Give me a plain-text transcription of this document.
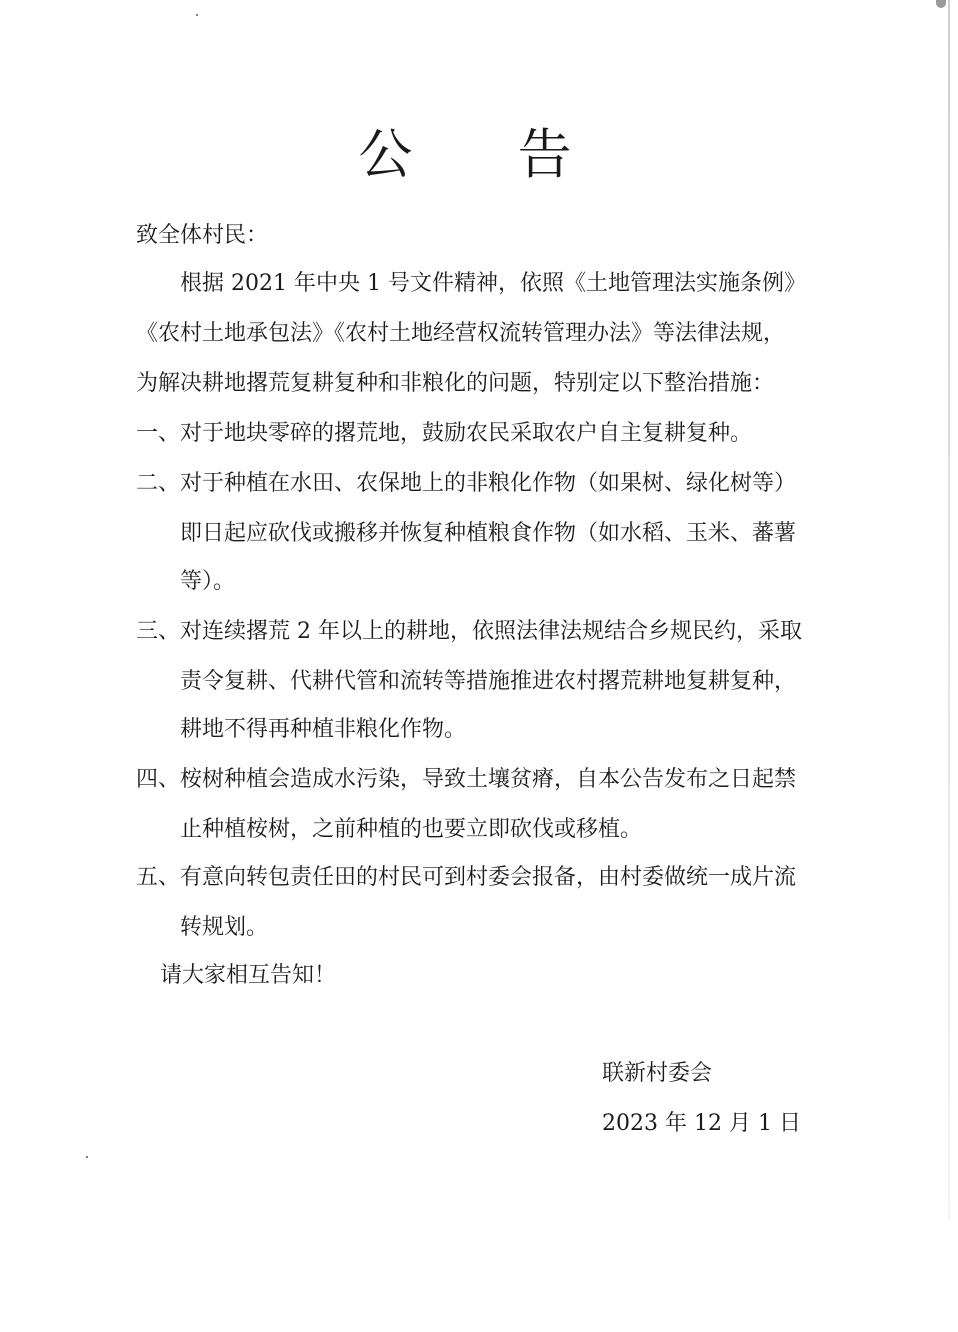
公 告

致全体村民：

根据 2021 年中央 1 号文件精神，依照《土地管理法实施条例》

《农村土地承包法》《农村土地经营权流转管理办法》等法律法规，

为解决耕地撂荒复耕复种和非粮化的问题，特别定以下整治措施：

一、对于地块零碎的撂荒地，鼓励农民采取农户自主复耕复种。

二、对于种植在水田、农保地上的非粮化作物（如果树、绿化树等）

即日起应砍伐或搬移并恢复种植粮食作物（如水稻、玉米、蕃薯

等）。

三、对连续撂荒 2 年以上的耕地，依照法律法规结合乡规民约，采取

责令复耕、代耕代管和流转等措施推进农村撂荒耕地复耕复种，

耕地不得再种植非粮化作物。

四、桉树种植会造成水污染，导致土壤贫瘠，自本公告发布之日起禁

止种植桉树，之前种植的也要立即砍伐或移植。

五、有意向转包责任田的村民可到村委会报备，由村委做统一成片流

转规划。

请大家相互告知！

联新村委会

2023 年 12 月 1 日
